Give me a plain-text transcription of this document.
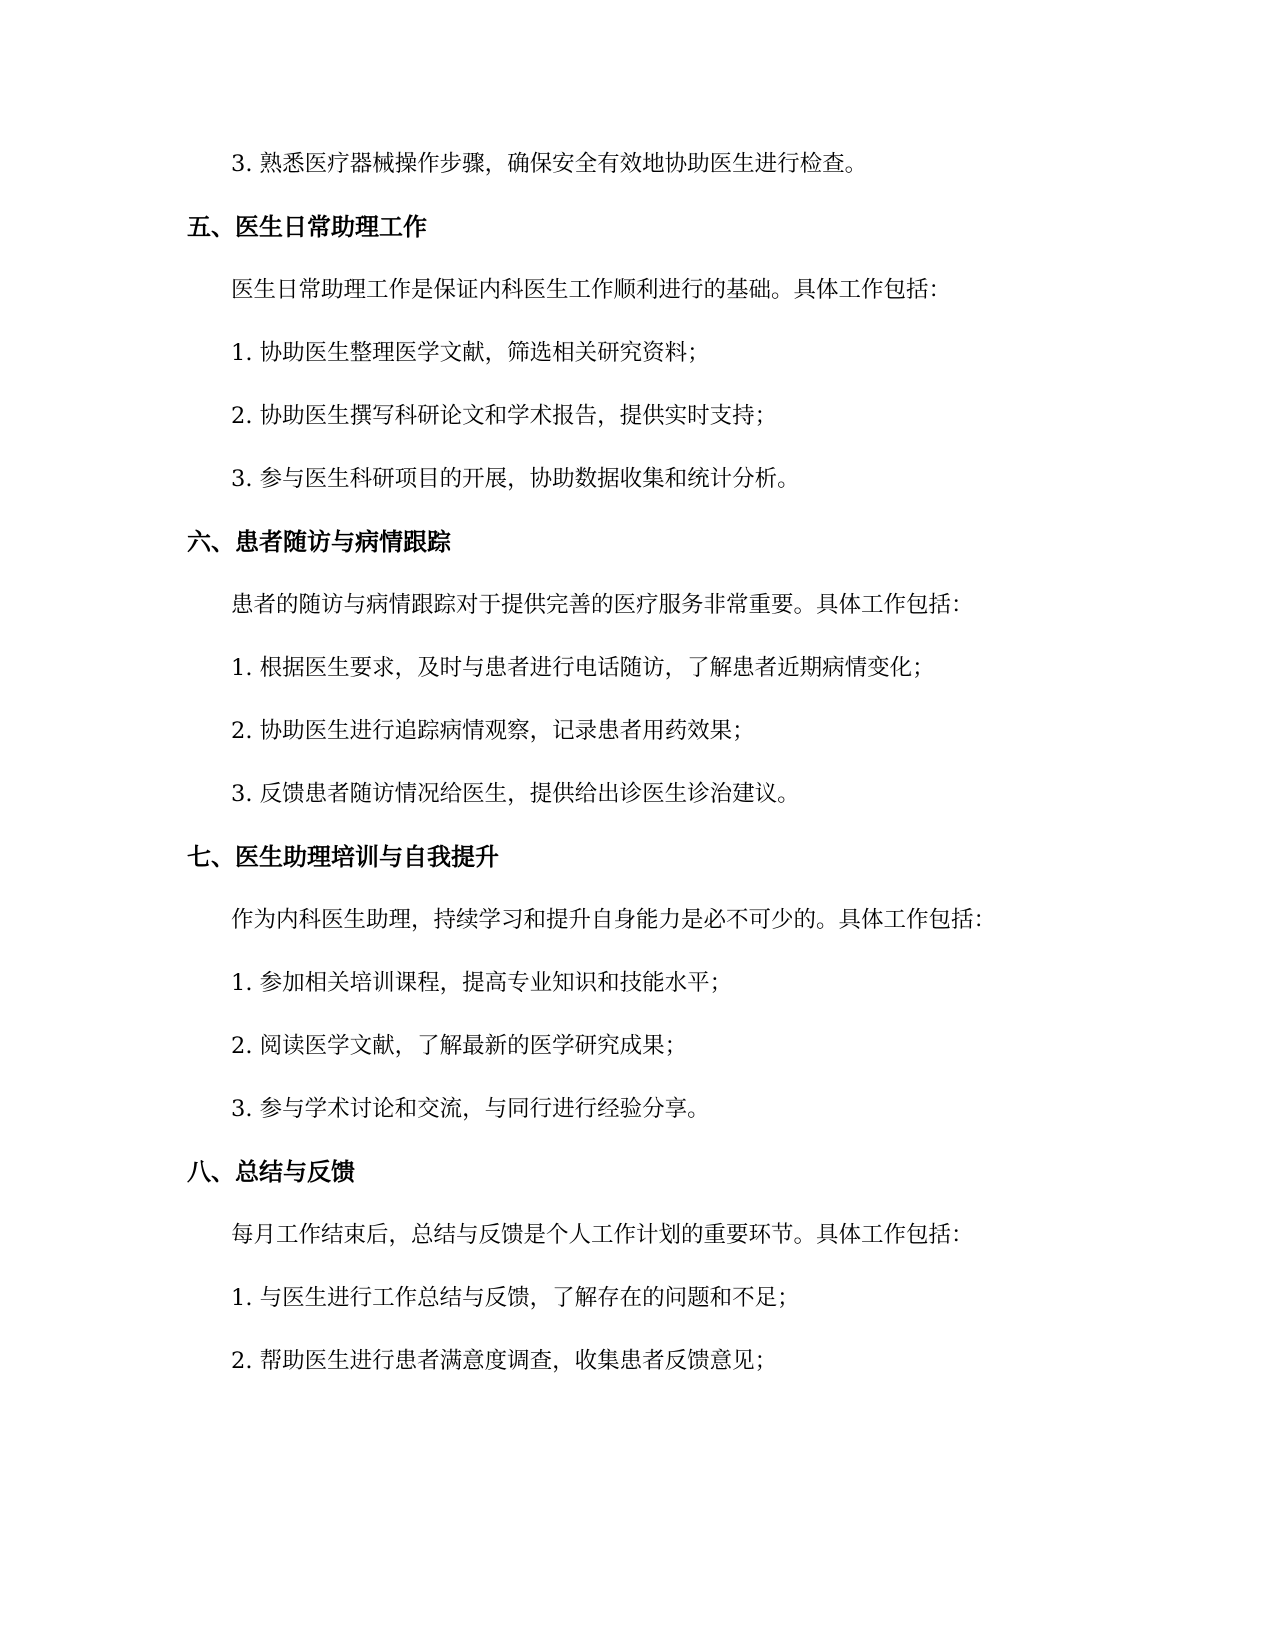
3. 熟悉医疗器械操作步骤，确保安全有效地协助医生进行检查。
五、医生日常助理工作
医生日常助理工作是保证内科医生工作顺利进行的基础。具体工作包括：
1. 协助医生整理医学文献，筛选相关研究资料；
2. 协助医生撰写科研论文和学术报告，提供实时支持；
3. 参与医生科研项目的开展，协助数据收集和统计分析。
六、患者随访与病情跟踪
患者的随访与病情跟踪对于提供完善的医疗服务非常重要。具体工作包括：
1. 根据医生要求，及时与患者进行电话随访，了解患者近期病情变化；
2. 协助医生进行追踪病情观察，记录患者用药效果；
3. 反馈患者随访情况给医生，提供给出诊医生诊治建议。
七、医生助理培训与自我提升
作为内科医生助理，持续学习和提升自身能力是必不可少的。具体工作包括：
1. 参加相关培训课程，提高专业知识和技能水平；
2. 阅读医学文献，了解最新的医学研究成果；
3. 参与学术讨论和交流，与同行进行经验分享。
八、总结与反馈
每月工作结束后，总结与反馈是个人工作计划的重要环节。具体工作包括：
1. 与医生进行工作总结与反馈，了解存在的问题和不足；
2. 帮助医生进行患者满意度调查，收集患者反馈意见；
